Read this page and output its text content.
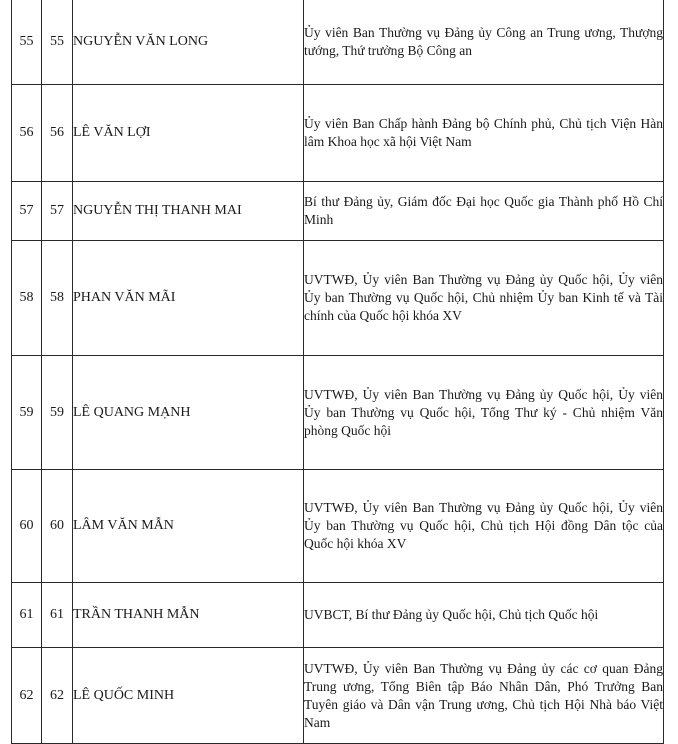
55	55	NGUYỄN VĂN LONG	Ủy viên Ban Thường vụ Đảng ủy Công an Trung ương, Thượng tướng, Thứ trưởng Bộ Công an
56	56	LÊ VĂN LỢI	Ủy viên Ban Chấp hành Đảng bộ Chính phủ, Chủ tịch Viện Hàn lâm Khoa học xã hội Việt Nam
57	57	NGUYỄN THỊ THANH MAI	Bí thư Đảng ủy, Giám đốc Đại học Quốc gia Thành phố Hồ Chí Minh
58	58	PHAN VĂN MÃI	UVTWĐ, Ủy viên Ban Thường vụ Đảng ủy Quốc hội, Ủy viên Ủy ban Thường vụ Quốc hội, Chủ nhiệm Ủy ban Kinh tế và Tài chính của Quốc hội khóa XV
59	59	LÊ QUANG MẠNH	UVTWĐ, Ủy viên Ban Thường vụ Đảng ủy Quốc hội, Ủy viên Ủy ban Thường vụ Quốc hội, Tổng Thư ký - Chủ nhiệm Văn phòng Quốc hội
60	60	LÂM VĂN MẪN	UVTWĐ, Ủy viên Ban Thường vụ Đảng ủy Quốc hội, Ủy viên Ủy ban Thường vụ Quốc hội, Chủ tịch Hội đồng Dân tộc của Quốc hội khóa XV
61	61	TRẦN THANH MẪN	UVBCT, Bí thư Đảng ủy Quốc hội, Chủ tịch Quốc hội
62	62	LÊ QUỐC MINH	UVTWĐ, Ủy viên Ban Thường vụ Đảng ủy các cơ quan Đảng Trung ương, Tổng Biên tập Báo Nhân Dân, Phó Trưởng Ban Tuyên giáo và Dân vận Trung ương, Chủ tịch Hội Nhà báo Việt Nam
